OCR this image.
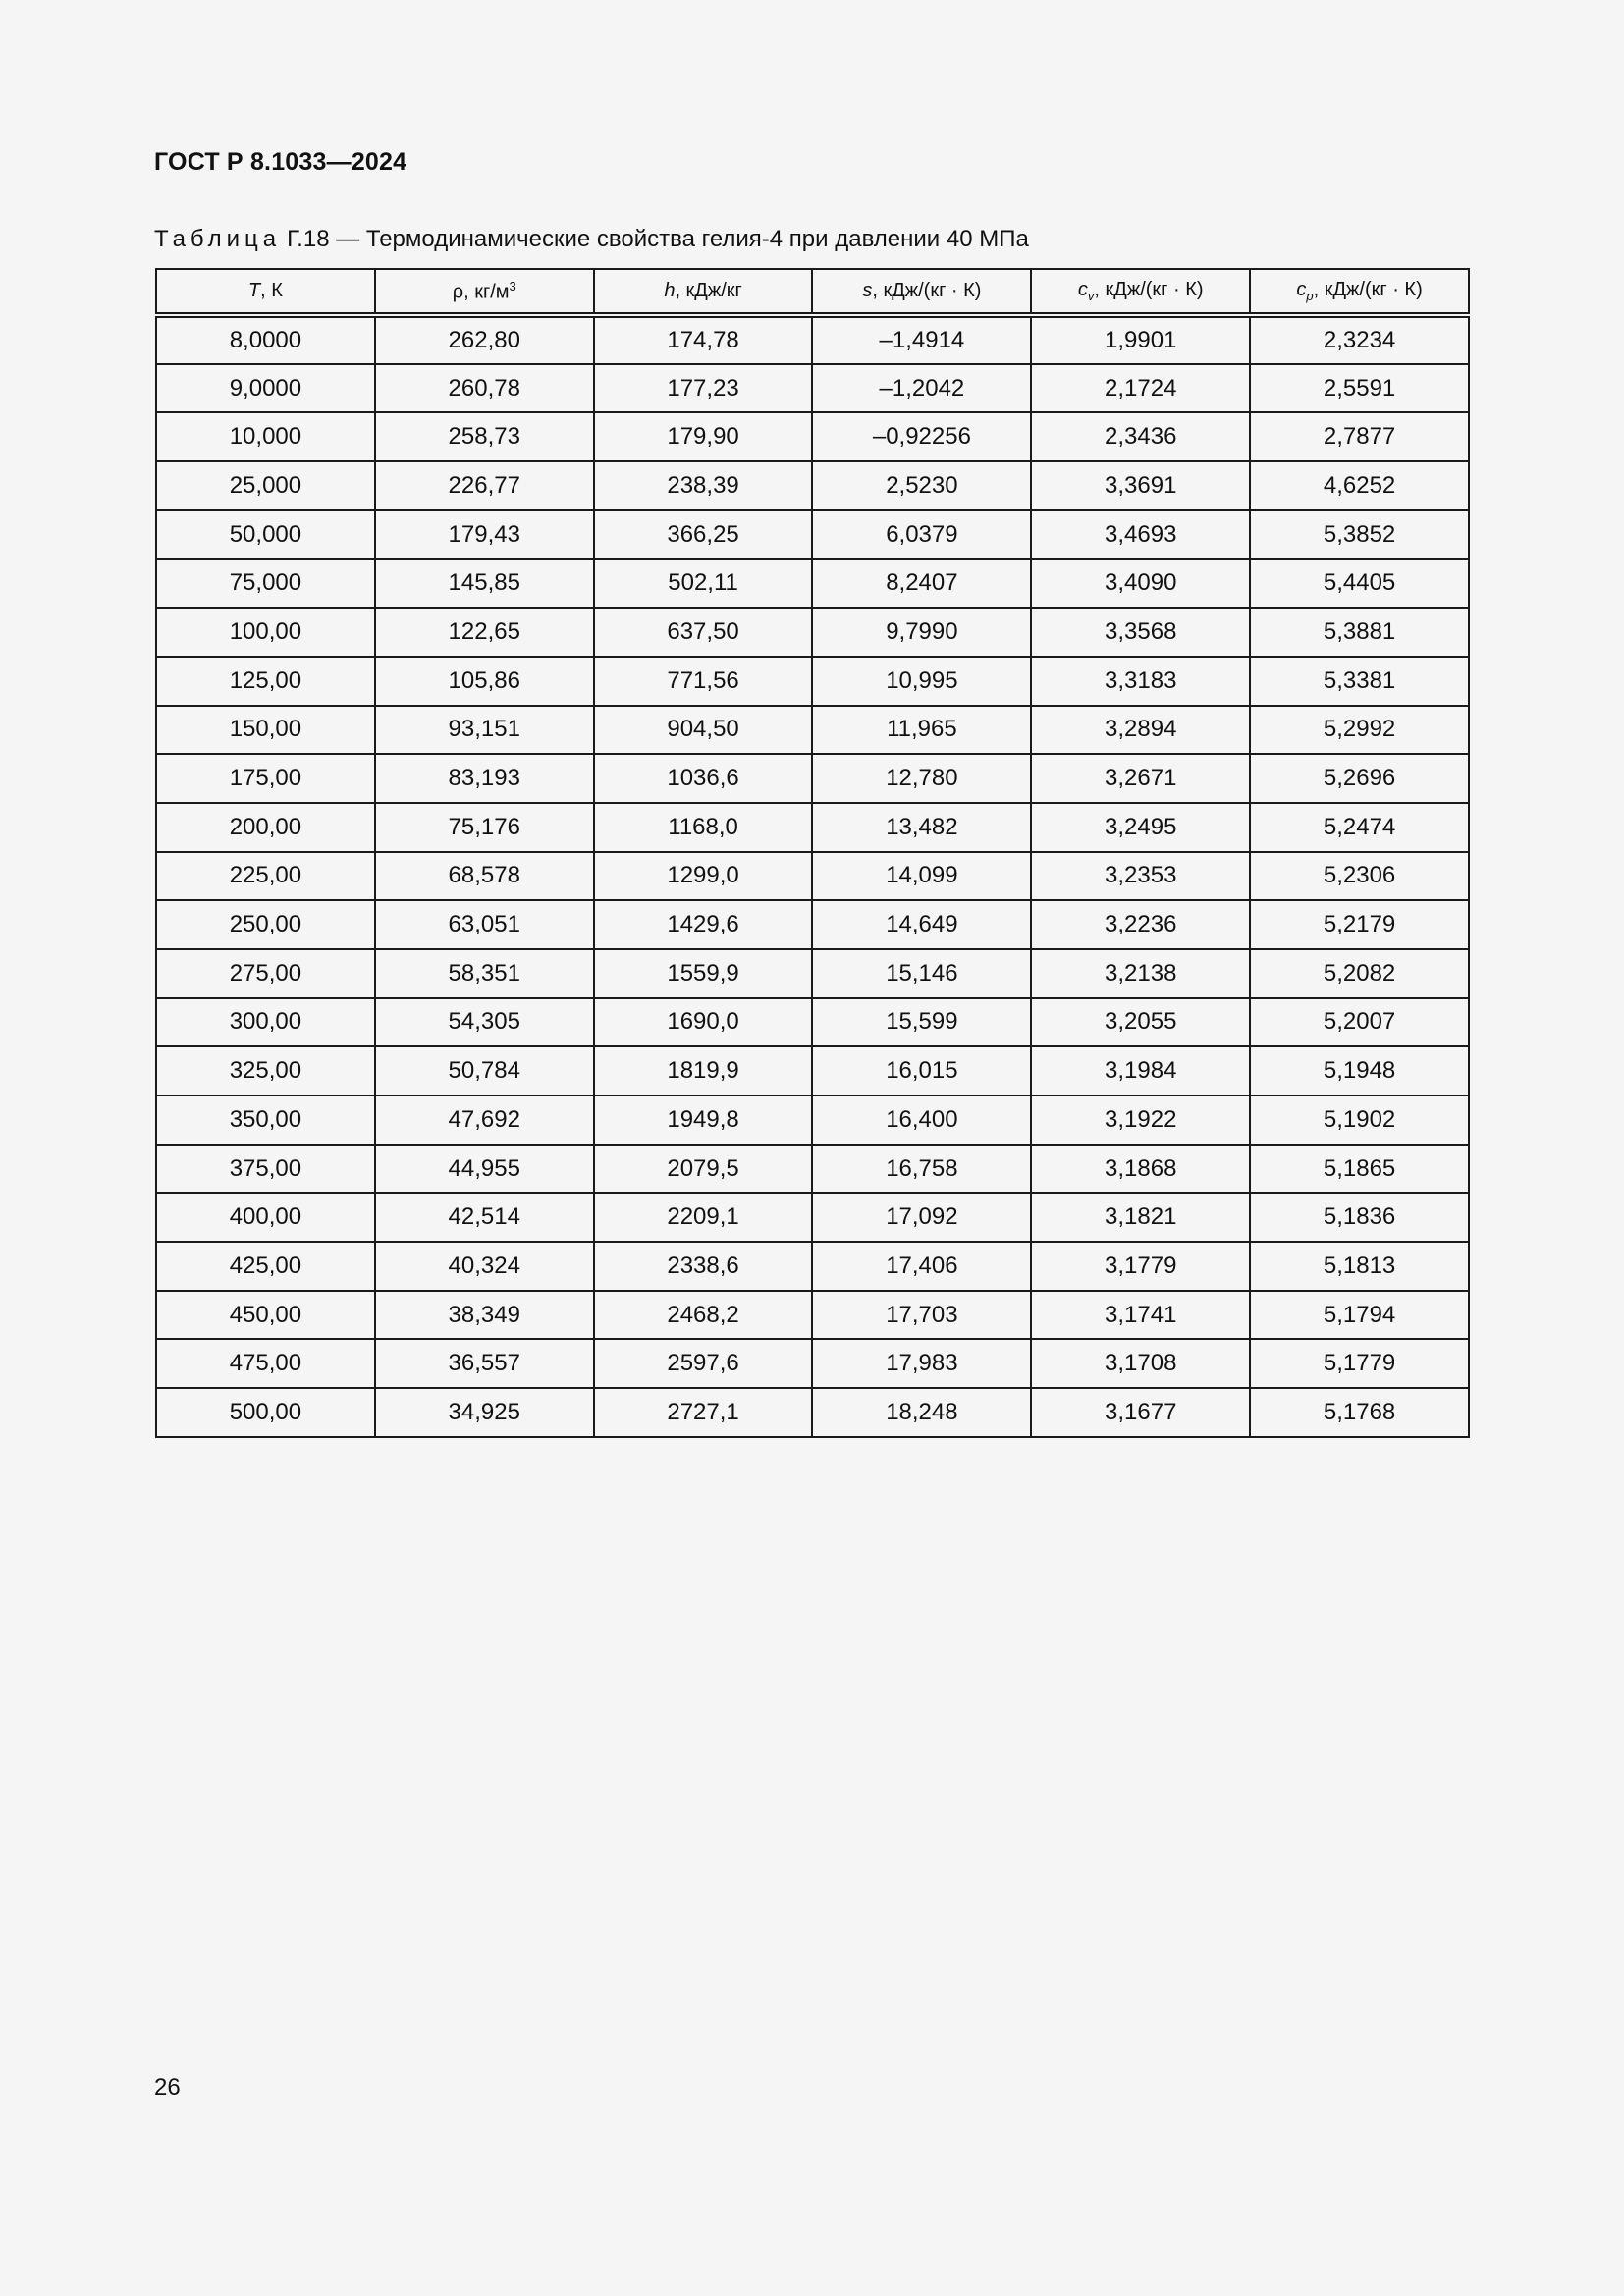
ГОСТ Р 8.1033—2024
Таблица Г.18 — Термодинамические свойства гелия-4 при давлении 40 МПа
T, К	ρ, $кг/м^3$	h, кДж/кг	s, кДж/(кг · К)	$c_v$, кДж/(кг · К)	$c_p$, кДж/(кг · К)
8,0000	262,80	174,78	–1,4914	1,9901	2,3234
9,0000	260,78	177,23	–1,2042	2,1724	2,5591
10,000	258,73	179,90	–0,92256	2,3436	2,7877
25,000	226,77	238,39	2,5230	3,3691	4,6252
50,000	179,43	366,25	6,0379	3,4693	5,3852
75,000	145,85	502,11	8,2407	3,4090	5,4405
100,00	122,65	637,50	9,7990	3,3568	5,3881
125,00	105,86	771,56	10,995	3,3183	5,3381
150,00	93,151	904,50	11,965	3,2894	5,2992
175,00	83,193	1036,6	12,780	3,2671	5,2696
200,00	75,176	1168,0	13,482	3,2495	5,2474
225,00	68,578	1299,0	14,099	3,2353	5,2306
250,00	63,051	1429,6	14,649	3,2236	5,2179
275,00	58,351	1559,9	15,146	3,2138	5,2082
300,00	54,305	1690,0	15,599	3,2055	5,2007
325,00	50,784	1819,9	16,015	3,1984	5,1948
350,00	47,692	1949,8	16,400	3,1922	5,1902
375,00	44,955	2079,5	16,758	3,1868	5,1865
400,00	42,514	2209,1	17,092	3,1821	5,1836
425,00	40,324	2338,6	17,406	3,1779	5,1813
450,00	38,349	2468,2	17,703	3,1741	5,1794
475,00	36,557	2597,6	17,983	3,1708	5,1779
500,00	34,925	2727,1	18,248	3,1677	5,1768
26
